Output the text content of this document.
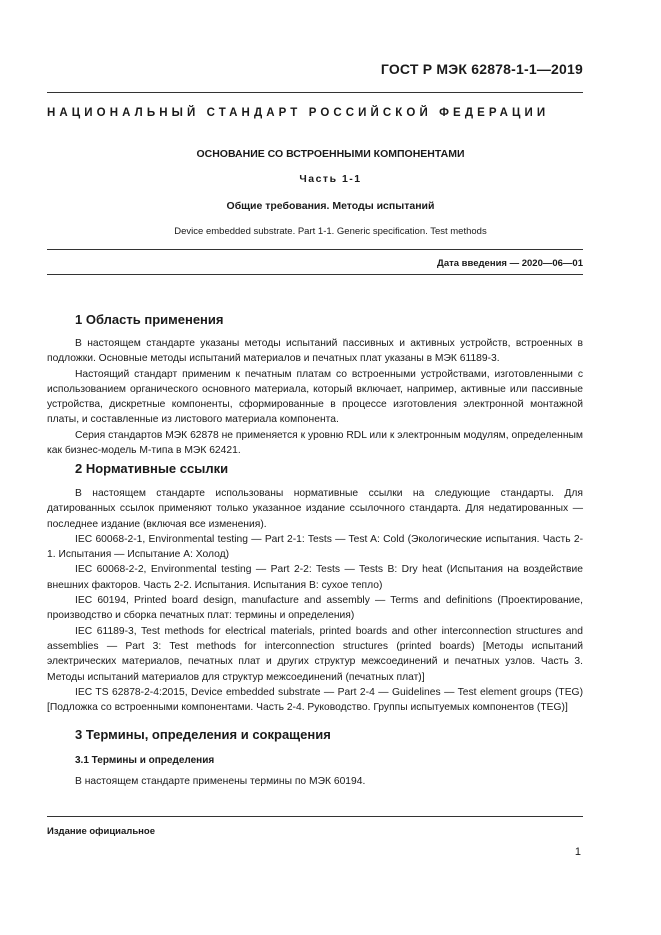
ГОСТ Р МЭК 62878-1-1—2019
НАЦИОНАЛЬНЫЙ СТАНДАРТ РОССИЙСКОЙ ФЕДЕРАЦИИ
ОСНОВАНИЕ СО ВСТРОЕННЫМИ КОМПОНЕНТАМИ
Часть 1-1
Общие требования. Методы испытаний
Device embedded substrate. Part 1-1. Generic specification. Test methods
Дата введения — 2020—06—01
1 Область применения

В настоящем стандарте указаны методы испытаний пассивных и активных устройств, встроенных в подложки. Основные методы испытаний материалов и печатных плат указаны в МЭК 61189-3.

Настоящий стандарт применим к печатным платам со встроенными устройствами, изготовленными с использованием органического основного материала, который включает, например, активные или пассивные устройства, дискретные компоненты, сформированные в процессе изготовления электронной монтажной платы, и составленные из листового материала компонента.

Серия стандартов МЭК 62878 не применяется к уровню RDL или к электронным модулям, определенным как бизнес-модель М-типа в МЭК 62421.

2 Нормативные ссылки

В настоящем стандарте использованы нормативные ссылки на следующие стандарты. Для датированных ссылок применяют только указанное издание ссылочного стандарта. Для недатированных — последнее издание (включая все изменения).

IEC 60068-2-1, Environmental testing — Part 2-1: Tests — Test A: Cold (Экологические испытания. Часть 2-1. Испытания — Испытание А: Холод)

IEC 60068-2-2, Environmental testing — Part 2-2: Tests — Tests B: Dry heat (Испытания на воздействие внешних факторов. Часть 2-2. Испытания. Испытания В: сухое тепло)

IEC 60194, Printed board design, manufacture and assembly — Terms and definitions (Проектирование, производство и сборка печатных плат: термины и определения)

IEC 61189-3, Test methods for electrical materials, printed boards and other interconnection structures and assemblies — Part 3: Test methods for interconnection structures (printed boards) [Методы испытаний электрических материалов, печатных плат и других структур межсоединений и печатных узлов. Часть 3. Методы испытаний материалов для структур межсоединений (печатных плат)]

IEC TS 62878-2-4:2015, Device embedded substrate — Part 2-4 — Guidelines — Test element groups (TEG) [Подложка со встроенными компонентами. Часть 2-4. Руководство. Группы испытуемых компонентов (TEG)]

3 Термины, определения и сокращения
3.1 Термины и определения

В настоящем стандарте применены термины по МЭК 60194.

Издание официальное
1
